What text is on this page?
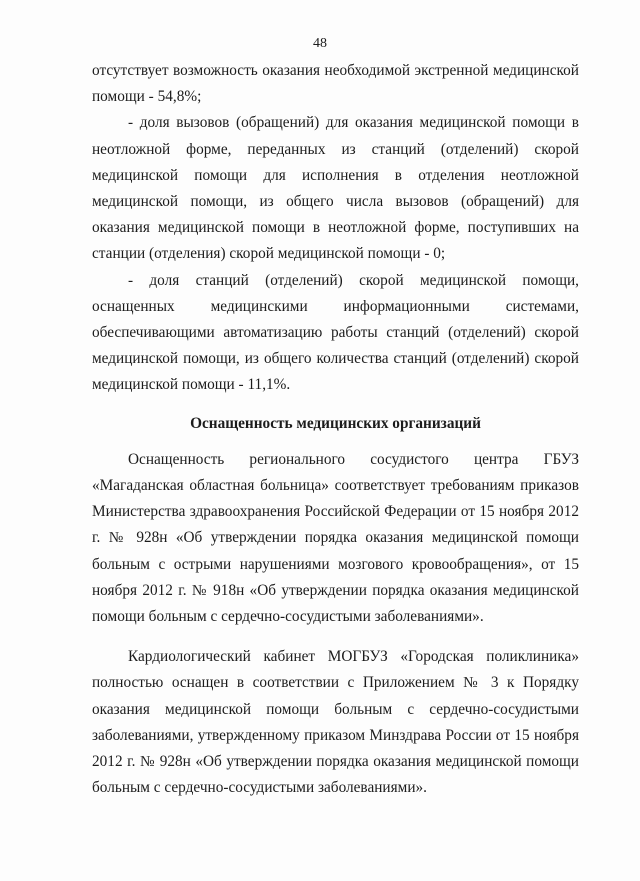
48

отсутствует возможность оказания необходимой экстренной медицинской помощи - 54,8%;

- доля вызовов (обращений) для оказания медицинской помощи в неотложной форме, переданных из станций (отделений) скорой медицинской помощи для исполнения в отделения неотложной медицинской помощи, из общего числа вызовов (обращений) для оказания медицинской помощи в неотложной форме, поступивших на станции (отделения) скорой медицинской помощи - 0;

- доля станций (отделений) скорой медицинской помощи, оснащенных медицинскими информационными системами, обеспечивающими автоматизацию работы станций (отделений) скорой медицинской помощи, из общего количества станций (отделений) скорой медицинской помощи - 11,1%.

Оснащенность медицинских организаций

Оснащенность регионального сосудистого центра ГБУЗ «Магаданская областная больница» соответствует требованиям приказов Министерства здравоохранения Российской Федерации от 15 ноября 2012 г. № 928н «Об утверждении порядка оказания медицинской помощи больным с острыми нарушениями мозгового кровообращения», от 15 ноября 2012 г. № 918н «Об утверждении порядка оказания медицинской помощи больным с сердечно-сосудистыми заболеваниями».

Кардиологический кабинет МОГБУЗ «Городская поликлиника» полностью оснащен в соответствии с Приложением № 3 к Порядку оказания медицинской помощи больным с сердечно-сосудистыми заболеваниями, утвержденному приказом Минздрава России от 15 ноября 2012 г. № 928н «Об утверждении порядка оказания медицинской помощи больным с сердечно-сосудистыми заболеваниями».
